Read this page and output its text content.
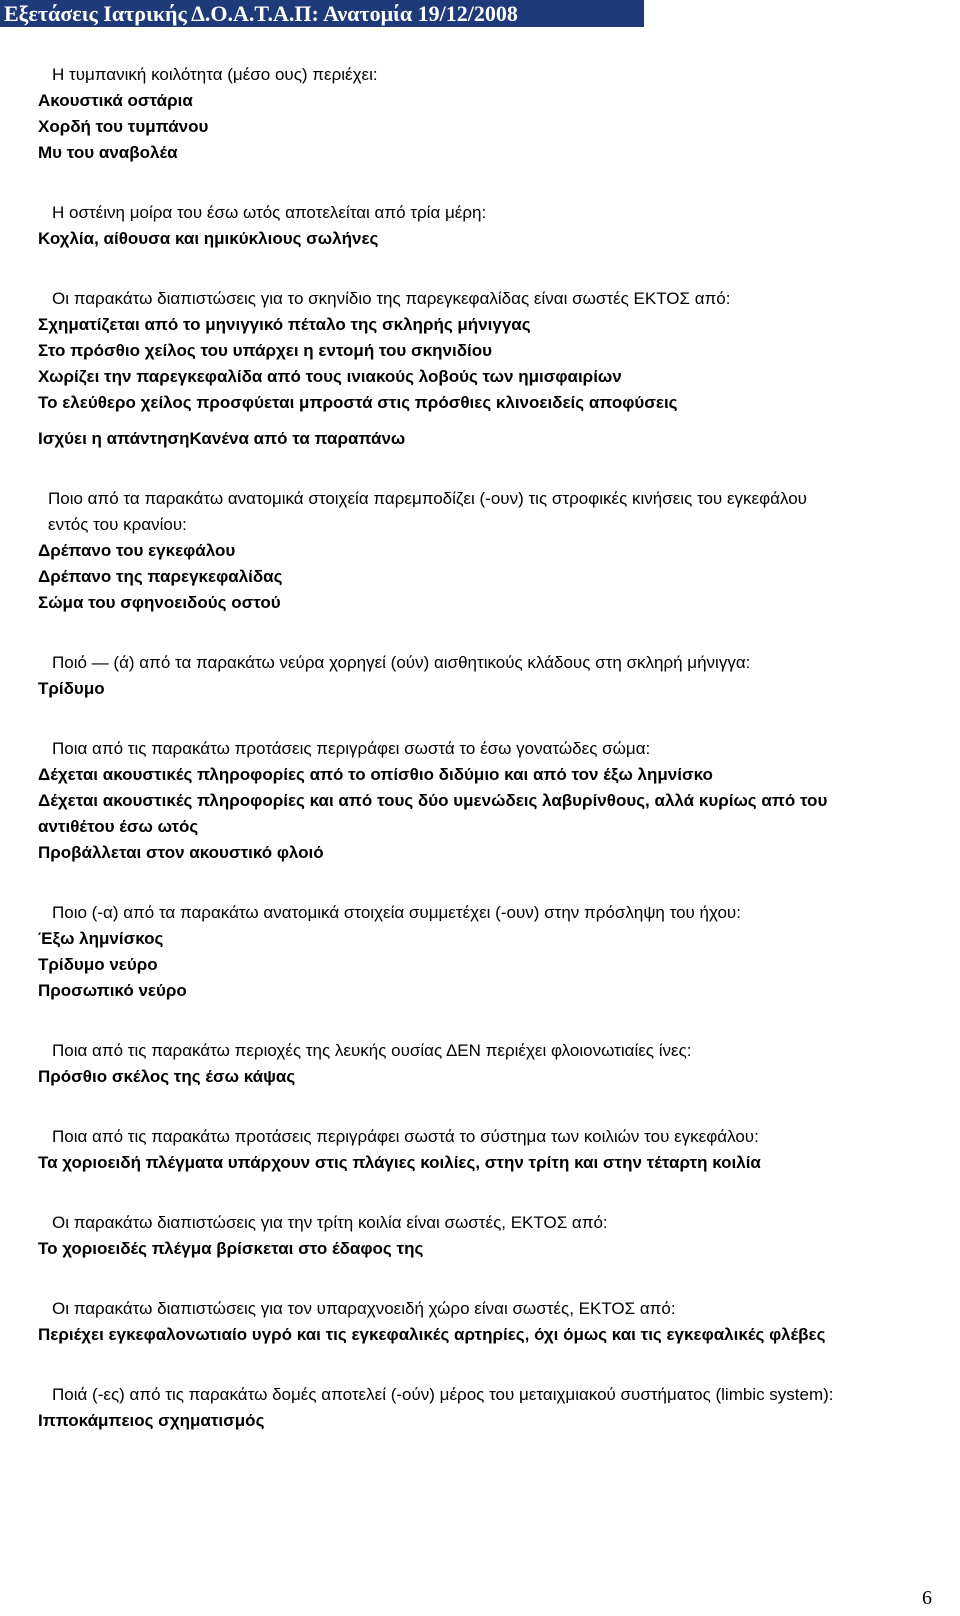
Εξετάσεις Ιατρικής Δ.Ο.Α.Τ.Α.Π: Ανατομία 19/12/2008
Η τυμπανική κοιλότητα (μέσο ους) περιέχει:
Ακουστικά οστάρια
Χορδή του τυμπάνου
Μυ του αναβολέα
Η οστέινη μοίρα του έσω ωτός αποτελείται από τρία μέρη:
Κοχλία, αίθουσα και ημικύκλιους σωλήνες
Οι παρακάτω διαπιστώσεις για το σκηνίδιο της παρεγκεφαλίδας είναι σωστές ΕΚΤΟΣ από:
Σχηματίζεται από το μηνιγγικό πέταλο της σκληρής μήνιγγας
Στο πρόσθιο χείλος του υπάρχει η εντομή του σκηνιδίου
Χωρίζει την παρεγκεφαλίδα από τους ινιακούς λοβούς των ημισφαιρίων
Το ελεύθερο χείλος προσφύεται μπροστά στις πρόσθιες κλινοειδείς αποφύσεις
Ισχύει η απάντησηΚανένα από τα παραπάνω
Ποιο από τα παρακάτω ανατομικά στοιχεία παρεμποδίζει (-ουν) τις στροφικές κινήσεις του εγκεφάλου
εντός του κρανίου:
Δρέπανο του εγκεφάλου
Δρέπανο της παρεγκεφαλίδας
Σώμα του σφηνοειδούς οστού
Ποιό — (ά) από τα παρακάτω νεύρα χορηγεί (ούν) αισθητικούς κλάδους στη σκληρή μήνιγγα:
Τρίδυμο
Ποια από τις παρακάτω προτάσεις περιγράφει σωστά το έσω γονατώδες σώμα:
Δέχεται ακουστικές πληροφορίες από το οπίσθιο διδύμιο και από τον έξω λημνίσκο
Δέχεται ακουστικές πληροφορίες και από τους δύο υμενώδεις λαβυρίνθους, αλλά κυρίως από του
αντιθέτου έσω ωτός
Προβάλλεται στον ακουστικό φλοιό
Ποιο (-α) από τα παρακάτω ανατομικά στοιχεία συμμετέχει (-ουν) στην πρόσληψη του ήχου:
Έξω λημνίσκος
Τρίδυμο νεύρο
Προσωπικό νεύρο
Ποια από τις παρακάτω περιοχές της λευκής ουσίας ΔΕΝ περιέχει φλοιονωτιαίες ίνες:
Πρόσθιο σκέλος της έσω κάψας
Ποια από τις παρακάτω προτάσεις περιγράφει σωστά το σύστημα των κοιλιών του εγκεφάλου:
Τα χοριοειδή πλέγματα υπάρχουν στις πλάγιες κοιλίες, στην τρίτη και στην τέταρτη κοιλία
Οι παρακάτω διαπιστώσεις για την τρίτη κοιλία είναι σωστές, ΕΚΤΟΣ από:
Το χοριοειδές πλέγμα βρίσκεται στο έδαφος της
Οι παρακάτω διαπιστώσεις για τον υπαραχνοειδή χώρο είναι σωστές, ΕΚΤΟΣ από:
Περιέχει εγκεφαλονωτιαίο υγρό και τις εγκεφαλικές αρτηρίες, όχι όμως και τις εγκεφαλικές φλέβες
Ποιά (-ες) από τις παρακάτω δομές αποτελεί (-ούν) μέρος του μεταιχμιακού συστήματος (limbic system):
Ιπποκάμπειος σχηματισμός
6
